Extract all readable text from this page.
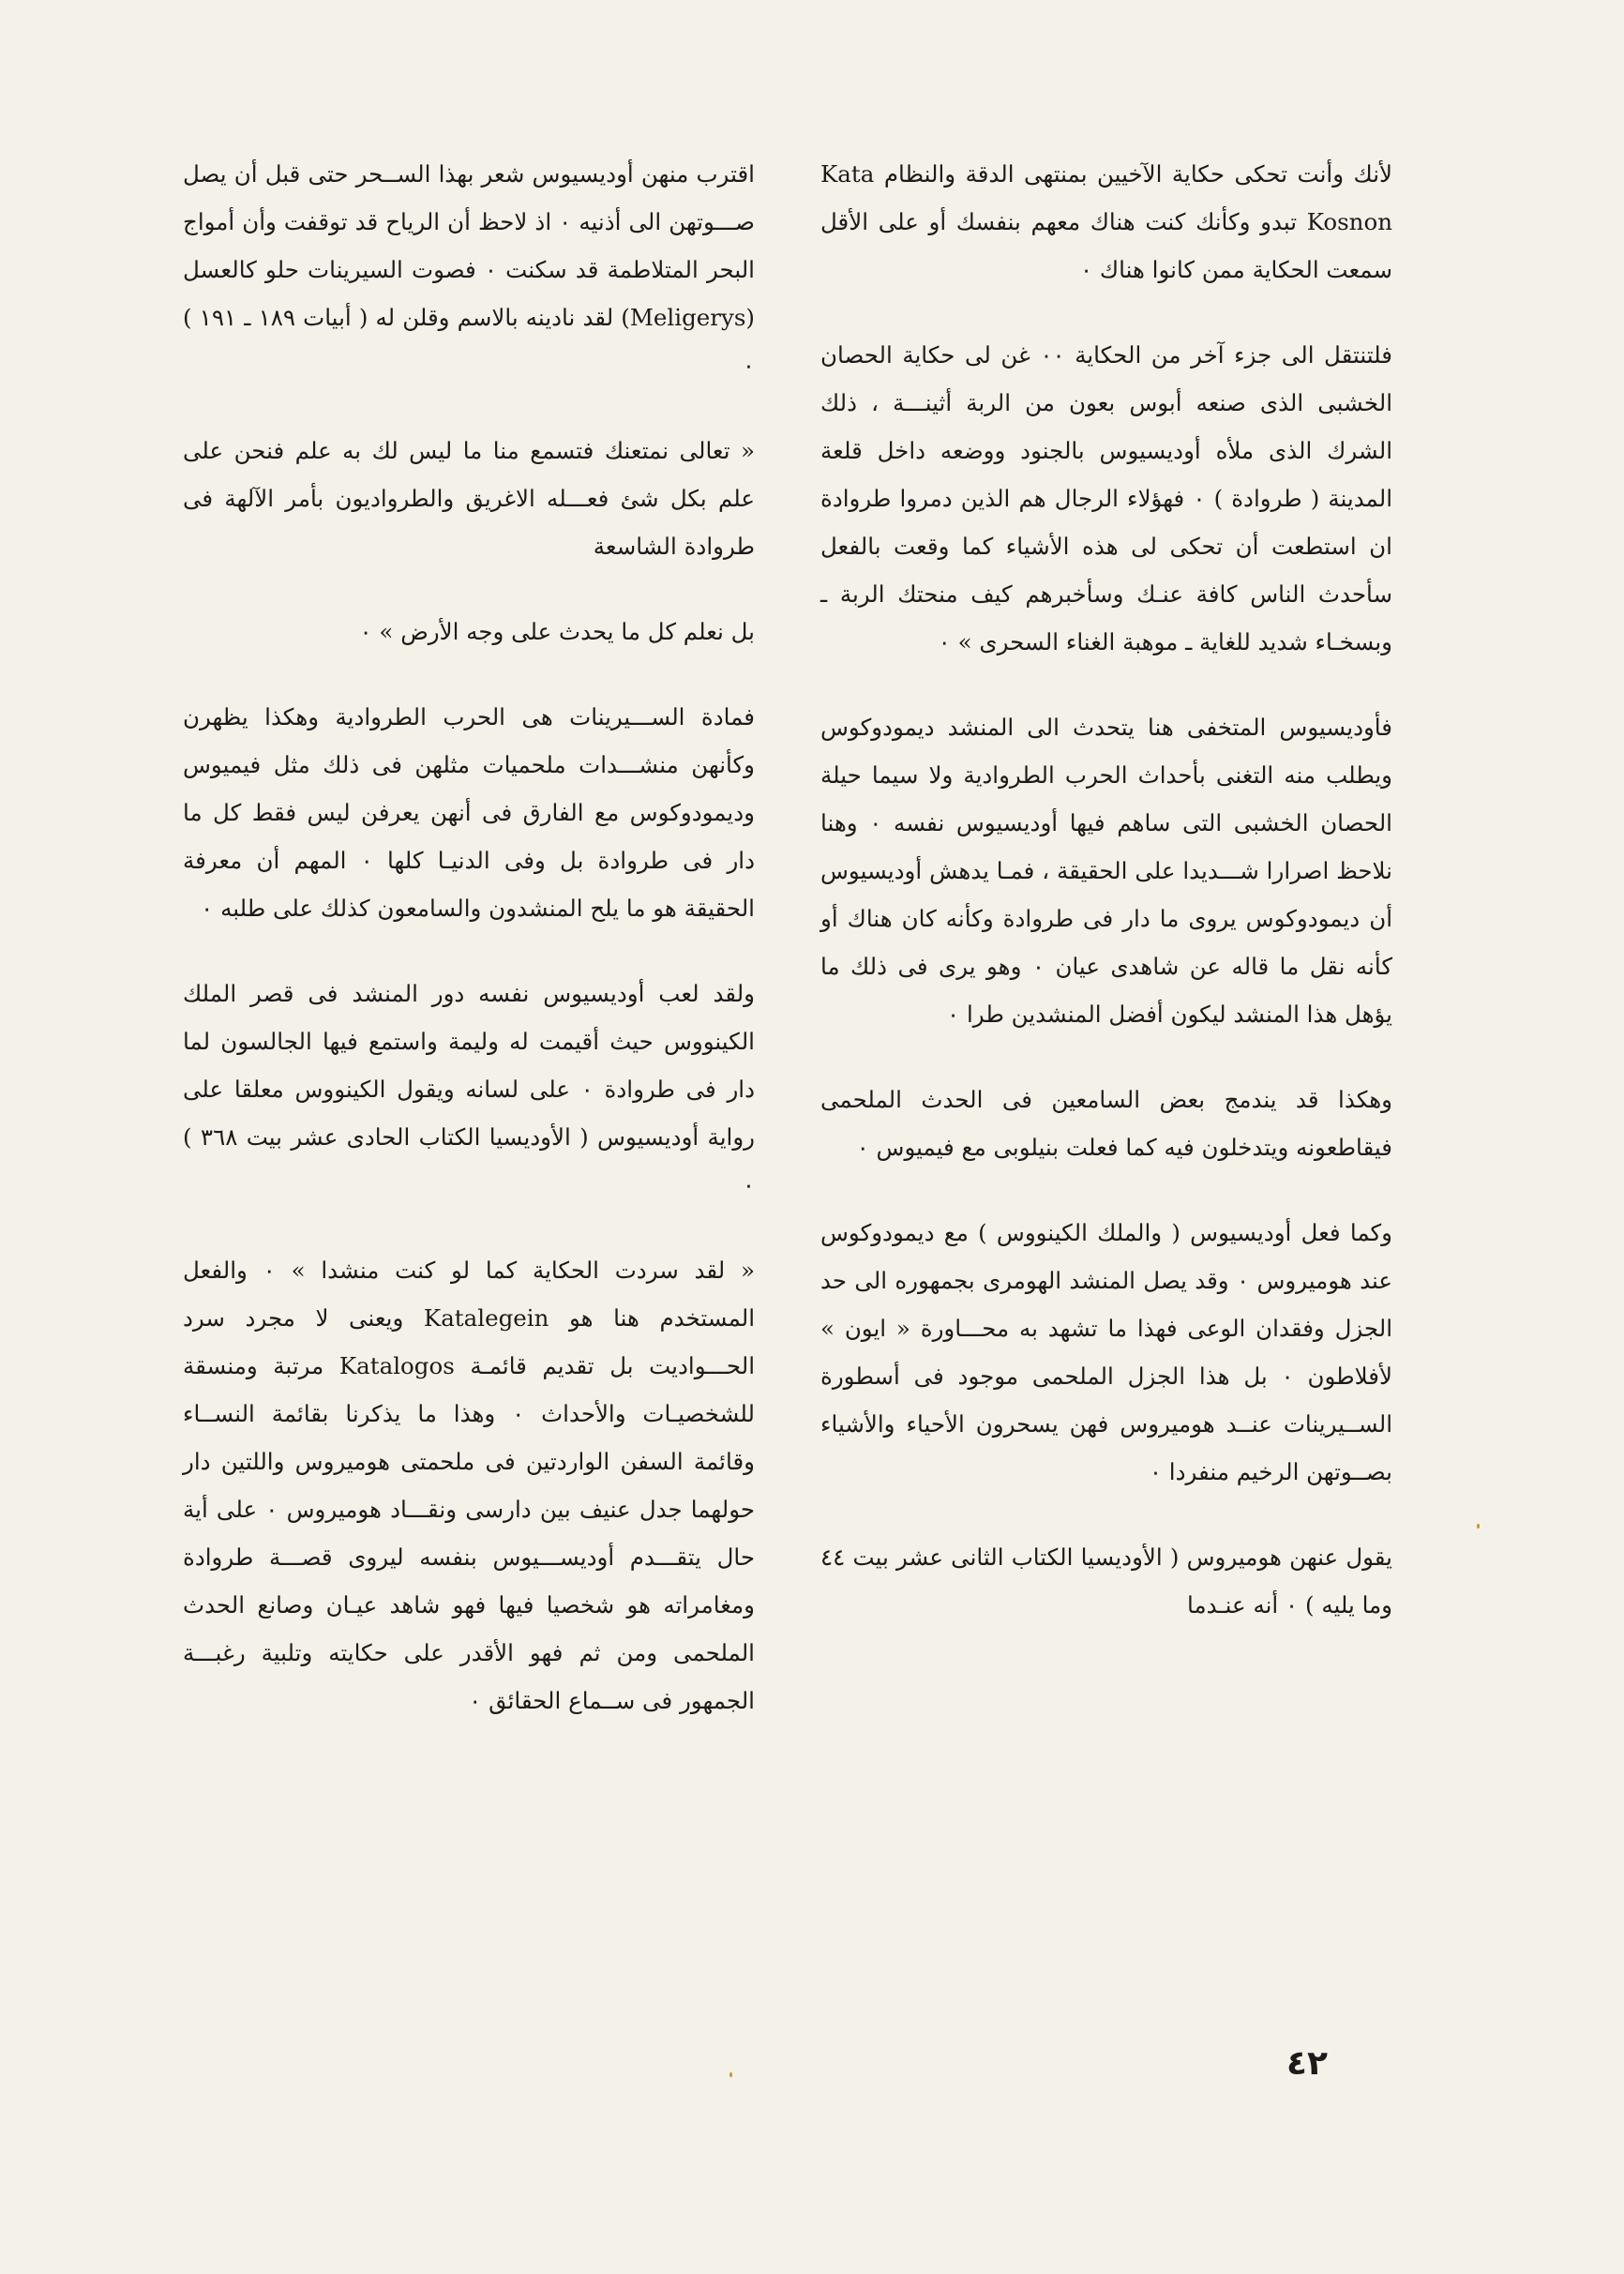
لأنك وأنت تحكى حكاية الآخيين بمنتهى الدقة والنظام Kata Kosnon تبدو وكأنك كنت هناك معهم بنفسك أو على الأقل سمعت الحكاية ممن كانوا هناك ٠

فلتنتقل الى جزء آخر من الحكاية ٠٠ غن لى حكاية الحصان الخشبى الذى صنعه أبوس بعون من الربة أثينـــة ، ذلك الشرك الذى ملأه أوديسيوس بالجنود ووضعه داخل قلعة المدينة ( طروادة ) ٠ فهؤلاء الرجال هم الذين دمروا طروادة ان استطعت أن تحكى لى هذه الأشياء كما وقعت بالفعل سأحدث الناس كافة عنـك وسأخبرهم كيف منحتك الربة ـ وبسخـاء شديد للغاية ـ موهبة الغناء السحرى » ٠

فأوديسيوس المتخفى هنا يتحدث الى المنشد ديمودوكوس ويطلب منه التغنى بأحداث الحرب الطروادية ولا سيما حيلة الحصان الخشبى التى ساهم فيها أوديسيوس نفسه ٠ وهنا نلاحظ اصرارا شـــديدا على الحقيقة ، فمـا يدهش أوديسيوس أن ديمودوكوس يروى ما دار فى طروادة وكأنه كان هناك أو كأنه نقل ما قاله عن شاهدى عيان ٠ وهو يرى فى ذلك ما يؤهل هذا المنشد ليكون أفضل المنشدين طرا ٠

وهكذا قد يندمج بعض السامعين فى الحدث الملحمى فيقاطعونه ويتدخلون فيه كما فعلت بنيلوبى مع فيميوس ٠

وكما فعل أوديسيوس ( والملك الكينووس ) مع ديمودوكوس عند هوميروس ٠ وقد يصل المنشد الهومرى بجمهوره الى حد الجزل وفقدان الوعى فهذا ما تشهد به محـــاورة « ايون » لأفلاطون ٠ بل هذا الجزل الملحمى موجود فى أسطورة الســيرينات عنــد هوميروس فهن يسحرون الأحياء والأشياء بصــوتهن الرخيم منفردا ٠

يقول عنهن هوميروس ( الأوديسيا الكتاب الثانى عشر بيت ٤٤ وما يليه ) ٠ أنه عنـدما

اقترب منهن أوديسيوس شعر بهذا الســحر حتى قبل أن يصل صـــوتهن الى أذنيه ٠ اذ لاحظ أن الرياح قد توقفت وأن أمواج البحر المتلاطمة قد سكنت ٠ فصوت السيرينات حلو كالعسل (Meligerys) لقد نادينه بالاسم وقلن له ( أبيات ١٨٩ ـ ١٩١ ) ٠

« تعالى نمتعنك فتسمع منا ما ليس لك به علم فنحن على علم بكل شئ فعـــله الاغريق والطرواديون بأمر الآلهة فى طروادة الشاسعة

بل نعلم كل ما يحدث على وجه الأرض » ٠

فمادة الســـيرينات هى الحرب الطروادية وهكذا يظهرن وكأنهن منشـــدات ملحميات مثلهن فى ذلك مثل فيميوس وديمودوكوس مع الفارق فى أنهن يعرفن ليس فقط كل ما دار فى طروادة بل وفى الدنيـا كلها ٠ المهم أن معرفة الحقيقة هو ما يلح المنشدون والسامعون كذلك على طلبه ٠

ولقد لعب أوديسيوس نفسه دور المنشد فى قصر الملك الكينووس حيث أقيمت له وليمة واستمع فيها الجالسون لما دار فى طروادة ٠ على لسانه ويقول الكينووس معلقا على رواية أوديسيوس ( الأوديسيا الكتاب الحادى عشر بيت ٣٦٨ ) ٠

« لقد سردت الحكاية كما لو كنت منشدا » ٠ والفعل المستخدم هنا هو Katalegein ويعنى لا مجرد سرد الحـــواديت بل تقديم قائمـة Katalogos مرتبة ومنسقة للشخصيـات والأحداث ٠ وهذا ما يذكرنا بقائمة النســاء وقائمة السفن الواردتين فى ملحمتى هوميروس واللتين دار حولهما جدل عنيف بين دارسى ونقـــاد هوميروس ٠ على أية حال يتقـــدم أوديســـيوس بنفسه ليروى قصـــة طروادة ومغامراته هو شخصيا فيها فهو شاهد عيـان وصانع الحدث الملحمى ومن ثم فهو الأقدر على حكايته وتلبية رغبـــة الجمهور فى ســماع الحقائق ٠

٤٢
